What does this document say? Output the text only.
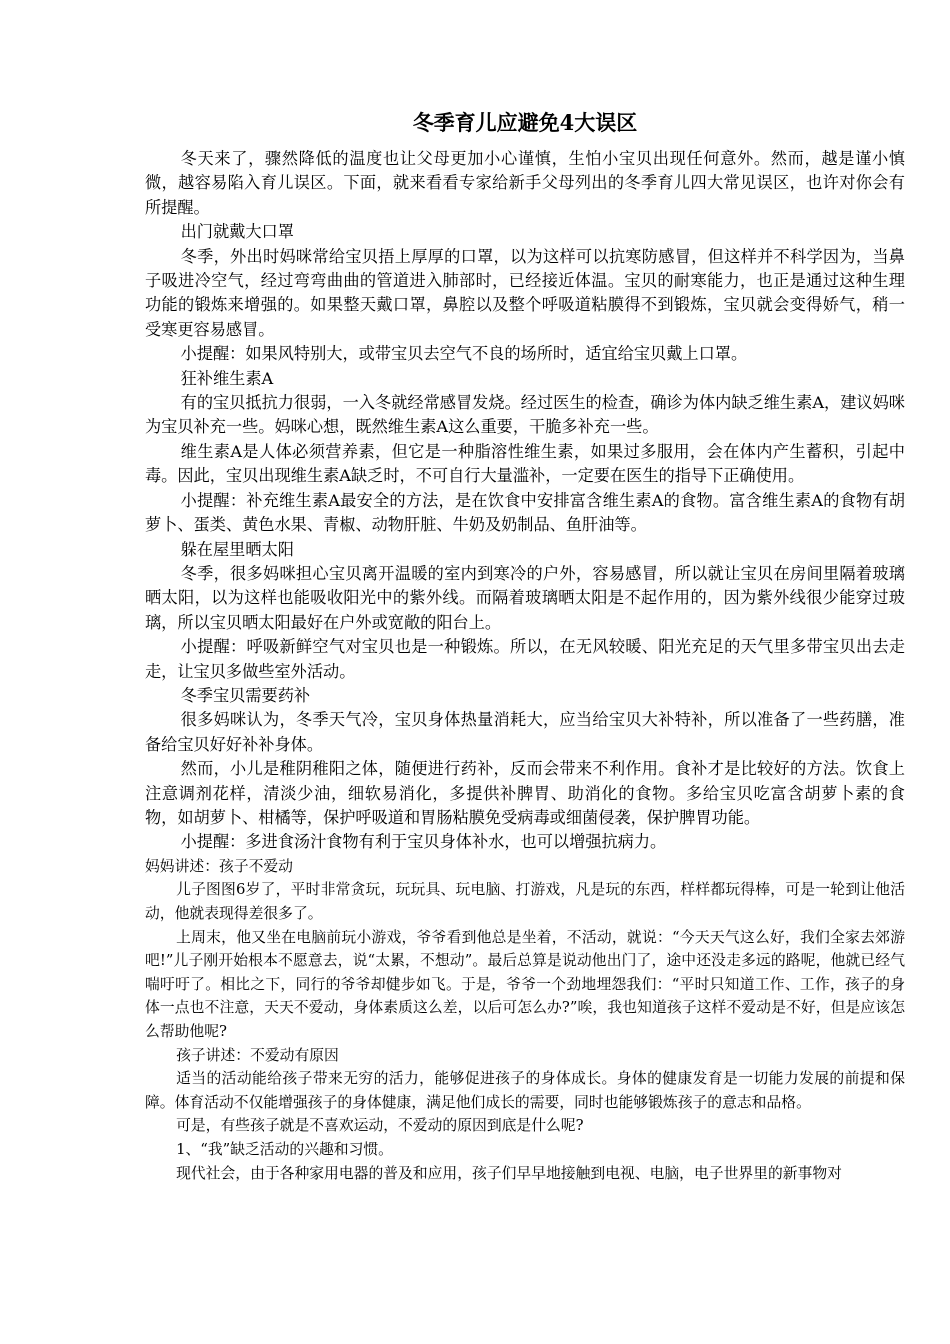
冬季育儿应避免4大误区

冬天来了，骤然降低的温度也让父母更加小心谨慎，生怕小宝贝出现任何意外。然而，越是谨小慎微，越容易陷入育儿误区。下面，就来看看专家给新手父母列出的冬季育儿四大常见误区，也许对你会有所提醒。

出门就戴大口罩

冬季，外出时妈咪常给宝贝捂上厚厚的口罩，以为这样可以抗寒防感冒，但这样并不科学因为，当鼻子吸进冷空气，经过弯弯曲曲的管道进入肺部时，已经接近体温。宝贝的耐寒能力，也正是通过这种生理功能的锻炼来增强的。如果整天戴口罩，鼻腔以及整个呼吸道粘膜得不到锻炼，宝贝就会变得娇气，稍一受寒更容易感冒。

小提醒：如果风特别大，或带宝贝去空气不良的场所时，适宜给宝贝戴上口罩。

狂补维生素A

有的宝贝抵抗力很弱，一入冬就经常感冒发烧。经过医生的检查，确诊为体内缺乏维生素A，建议妈咪为宝贝补充一些。妈咪心想，既然维生素A这么重要，干脆多补充一些。

维生素A是人体必须营养素，但它是一种脂溶性维生素，如果过多服用，会在体内产生蓄积，引起中毒。因此，宝贝出现维生素A缺乏时，不可自行大量滥补，一定要在医生的指导下正确使用。

小提醒：补充维生素A最安全的方法，是在饮食中安排富含维生素A的食物。富含维生素A的食物有胡萝卜、蛋类、黄色水果、青椒、动物肝脏、牛奶及奶制品、鱼肝油等。

躲在屋里晒太阳

冬季，很多妈咪担心宝贝离开温暖的室内到寒冷的户外，容易感冒，所以就让宝贝在房间里隔着玻璃晒太阳，以为这样也能吸收阳光中的紫外线。而隔着玻璃晒太阳是不起作用的，因为紫外线很少能穿过玻璃，所以宝贝晒太阳最好在户外或宽敞的阳台上。

小提醒：呼吸新鲜空气对宝贝也是一种锻炼。所以，在无风较暖、阳光充足的天气里多带宝贝出去走走，让宝贝多做些室外活动。

冬季宝贝需要药补

很多妈咪认为，冬季天气冷，宝贝身体热量消耗大，应当给宝贝大补特补，所以准备了一些药膳，准备给宝贝好好补补身体。

然而，小儿是稚阴稚阳之体，随便进行药补，反而会带来不利作用。食补才是比较好的方法。饮食上注意调剂花样，清淡少油，细软易消化，多提供补脾胃、助消化的食物。多给宝贝吃富含胡萝卜素的食物，如胡萝卜、柑橘等，保护呼吸道和胃肠粘膜免受病毒或细菌侵袭，保护脾胃功能。

小提醒：多进食汤汁食物有利于宝贝身体补水，也可以增强抗病力。

妈妈讲述：孩子不爱动

儿子图图6岁了，平时非常贪玩，玩玩具、玩电脑、打游戏，凡是玩的东西，样样都玩得棒，可是一轮到让他活动，他就表现得差很多了。

上周末，他又坐在电脑前玩小游戏，爷爷看到他总是坐着，不活动，就说：“今天天气这么好，我们全家去郊游吧!”儿子刚开始根本不愿意去，说“太累，不想动”。最后总算是说动他出门了，途中还没走多远的路呢，他就已经气喘吁吁了。相比之下，同行的爷爷却健步如飞。于是，爷爷一个劲地埋怨我们：“平时只知道工作、工作，孩子的身体一点也不注意，天天不爱动，身体素质这么差，以后可怎么办?”唉，我也知道孩子这样不爱动是不好，但是应该怎么帮助他呢?

孩子讲述：不爱动有原因

适当的活动能给孩子带来无穷的活力，能够促进孩子的身体成长。身体的健康发育是一切能力发展的前提和保障。体育活动不仅能增强孩子的身体健康，满足他们成长的需要，同时也能够锻炼孩子的意志和品格。

可是，有些孩子就是不喜欢运动，不爱动的原因到底是什么呢?

1、“我”缺乏活动的兴趣和习惯。

现代社会，由于各种家用电器的普及和应用，孩子们早早地接触到电视、电脑，电子世界里的新事物对
